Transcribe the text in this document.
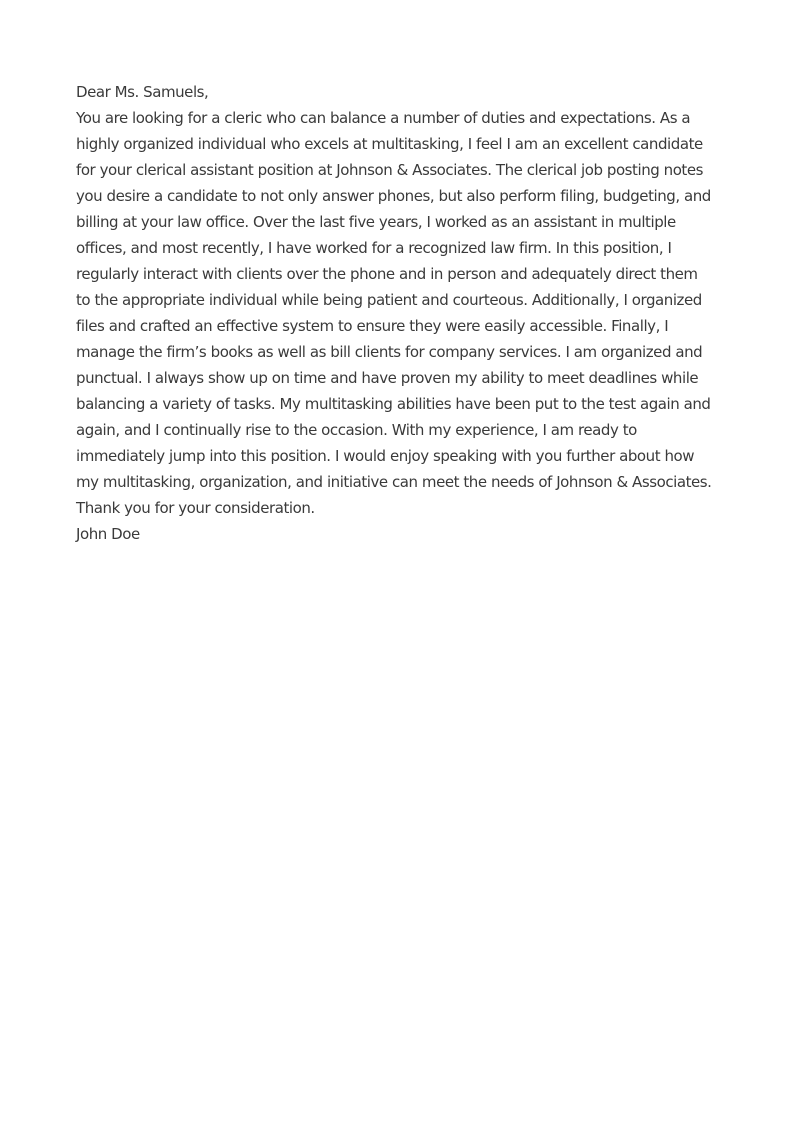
Dear Ms. Samuels,

You are looking for a cleric who can balance a number of duties and expectations. As a highly organized individual who excels at multitasking, I feel I am an excellent candidate for your clerical assistant position at Johnson & Associates. The clerical job posting notes you desire a candidate to not only answer phones, but also perform filing, budgeting, and billing at your law office. Over the last five years, I worked as an assistant in multiple offices, and most recently, I have worked for a recognized law firm. In this position, I regularly interact with clients over the phone and in person and adequately direct them to the appropriate individual while being patient and courteous. Additionally, I organized files and crafted an effective system to ensure they were easily accessible. Finally, I manage the firm’s books as well as bill clients for company services. I am organized and punctual. I always show up on time and have proven my ability to meet deadlines while balancing a variety of tasks. My multitasking abilities have been put to the test again and again, and I continually rise to the occasion. With my experience, I am ready to immediately jump into this position. I would enjoy speaking with you further about how my multitasking, organization, and initiative can meet the needs of Johnson & Associates. Thank you for your consideration.

John Doe
